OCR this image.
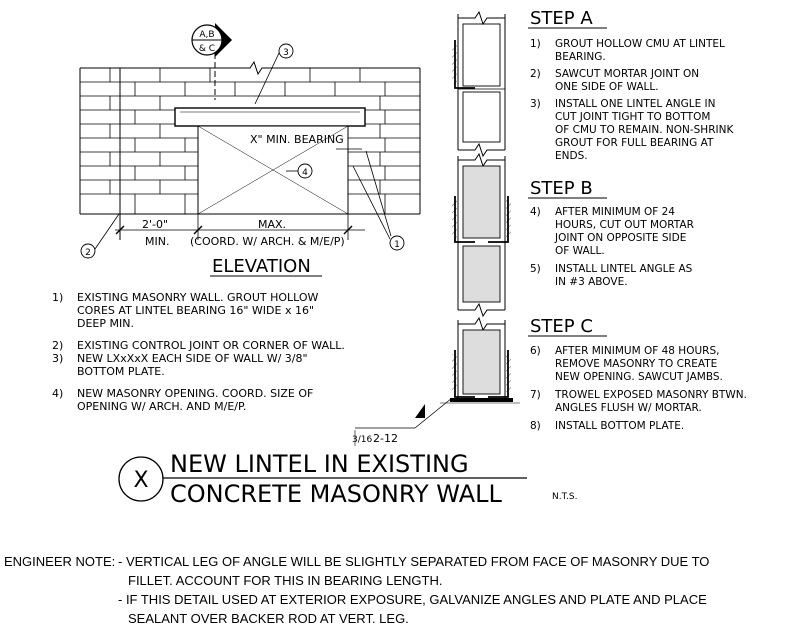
X" MIN. BEARING
2'-0"
MIN.
MAX.
(COORD. W/ ARCH. & M/E/P)
ELEVATION
A,B
& C	3
4
1
2
1) EXISTING MASONRY WALL. GROUT HOLLOW CORES AT LINTEL BEARING 16" WIDE x 16" DEEP MIN.
2) EXISTING CONTROL JOINT OR CORNER OF WALL.
3) NEW LXxXxX EACH SIDE OF WALL W/ 3/8" BOTTOM PLATE.
4) NEW MASONRY OPENING. COORD. SIZE OF OPENING W/ ARCH. AND M/E/P.
3/16 2-12
STEP A
1) GROUT HOLLOW CMU AT LINTEL BEARING. 2) SAWCUT MORTAR JOINT ON ONE SIDE OF WALL. 3) INSTALL ONE LINTEL ANGLE IN CUT JOINT TIGHT TO BOTTOM OF CMU TO REMAIN. NON-SHRINK GROUT FOR FULL BEARING AT ENDS.
STEP B
4) AFTER MINIMUM OF 24 HOURS, CUT OUT MORTAR JOINT ON OPPOSITE SIDE OF WALL. 5) INSTALL LINTEL ANGLE AS IN #3 ABOVE.
STEP C
6) AFTER MINIMUM OF 48 HOURS, REMOVE MASONRY TO CREATE NEW OPENING. SAWCUT JAMBS. 7) TROWEL EXPOSED MASONRY BTWN. ANGLES FLUSH W/ MORTAR. 8) INSTALL BOTTOM PLATE.
X
NEW LINTEL IN EXISTING
CONCRETE MASONRY WALL	N.T.S.
ENGINEER NOTE: - VERTICAL LEG OF ANGLE WILL BE SLIGHTLY SEPARATED FROM FACE OF MASONRY DUE TO
FILLET. ACCOUNT FOR THIS IN BEARING LENGTH.
- IF THIS DETAIL USED AT EXTERIOR EXPOSURE, GALVANIZE ANGLES AND PLATE AND PLACE
SEALANT OVER BACKER ROD AT VERT. LEG.
